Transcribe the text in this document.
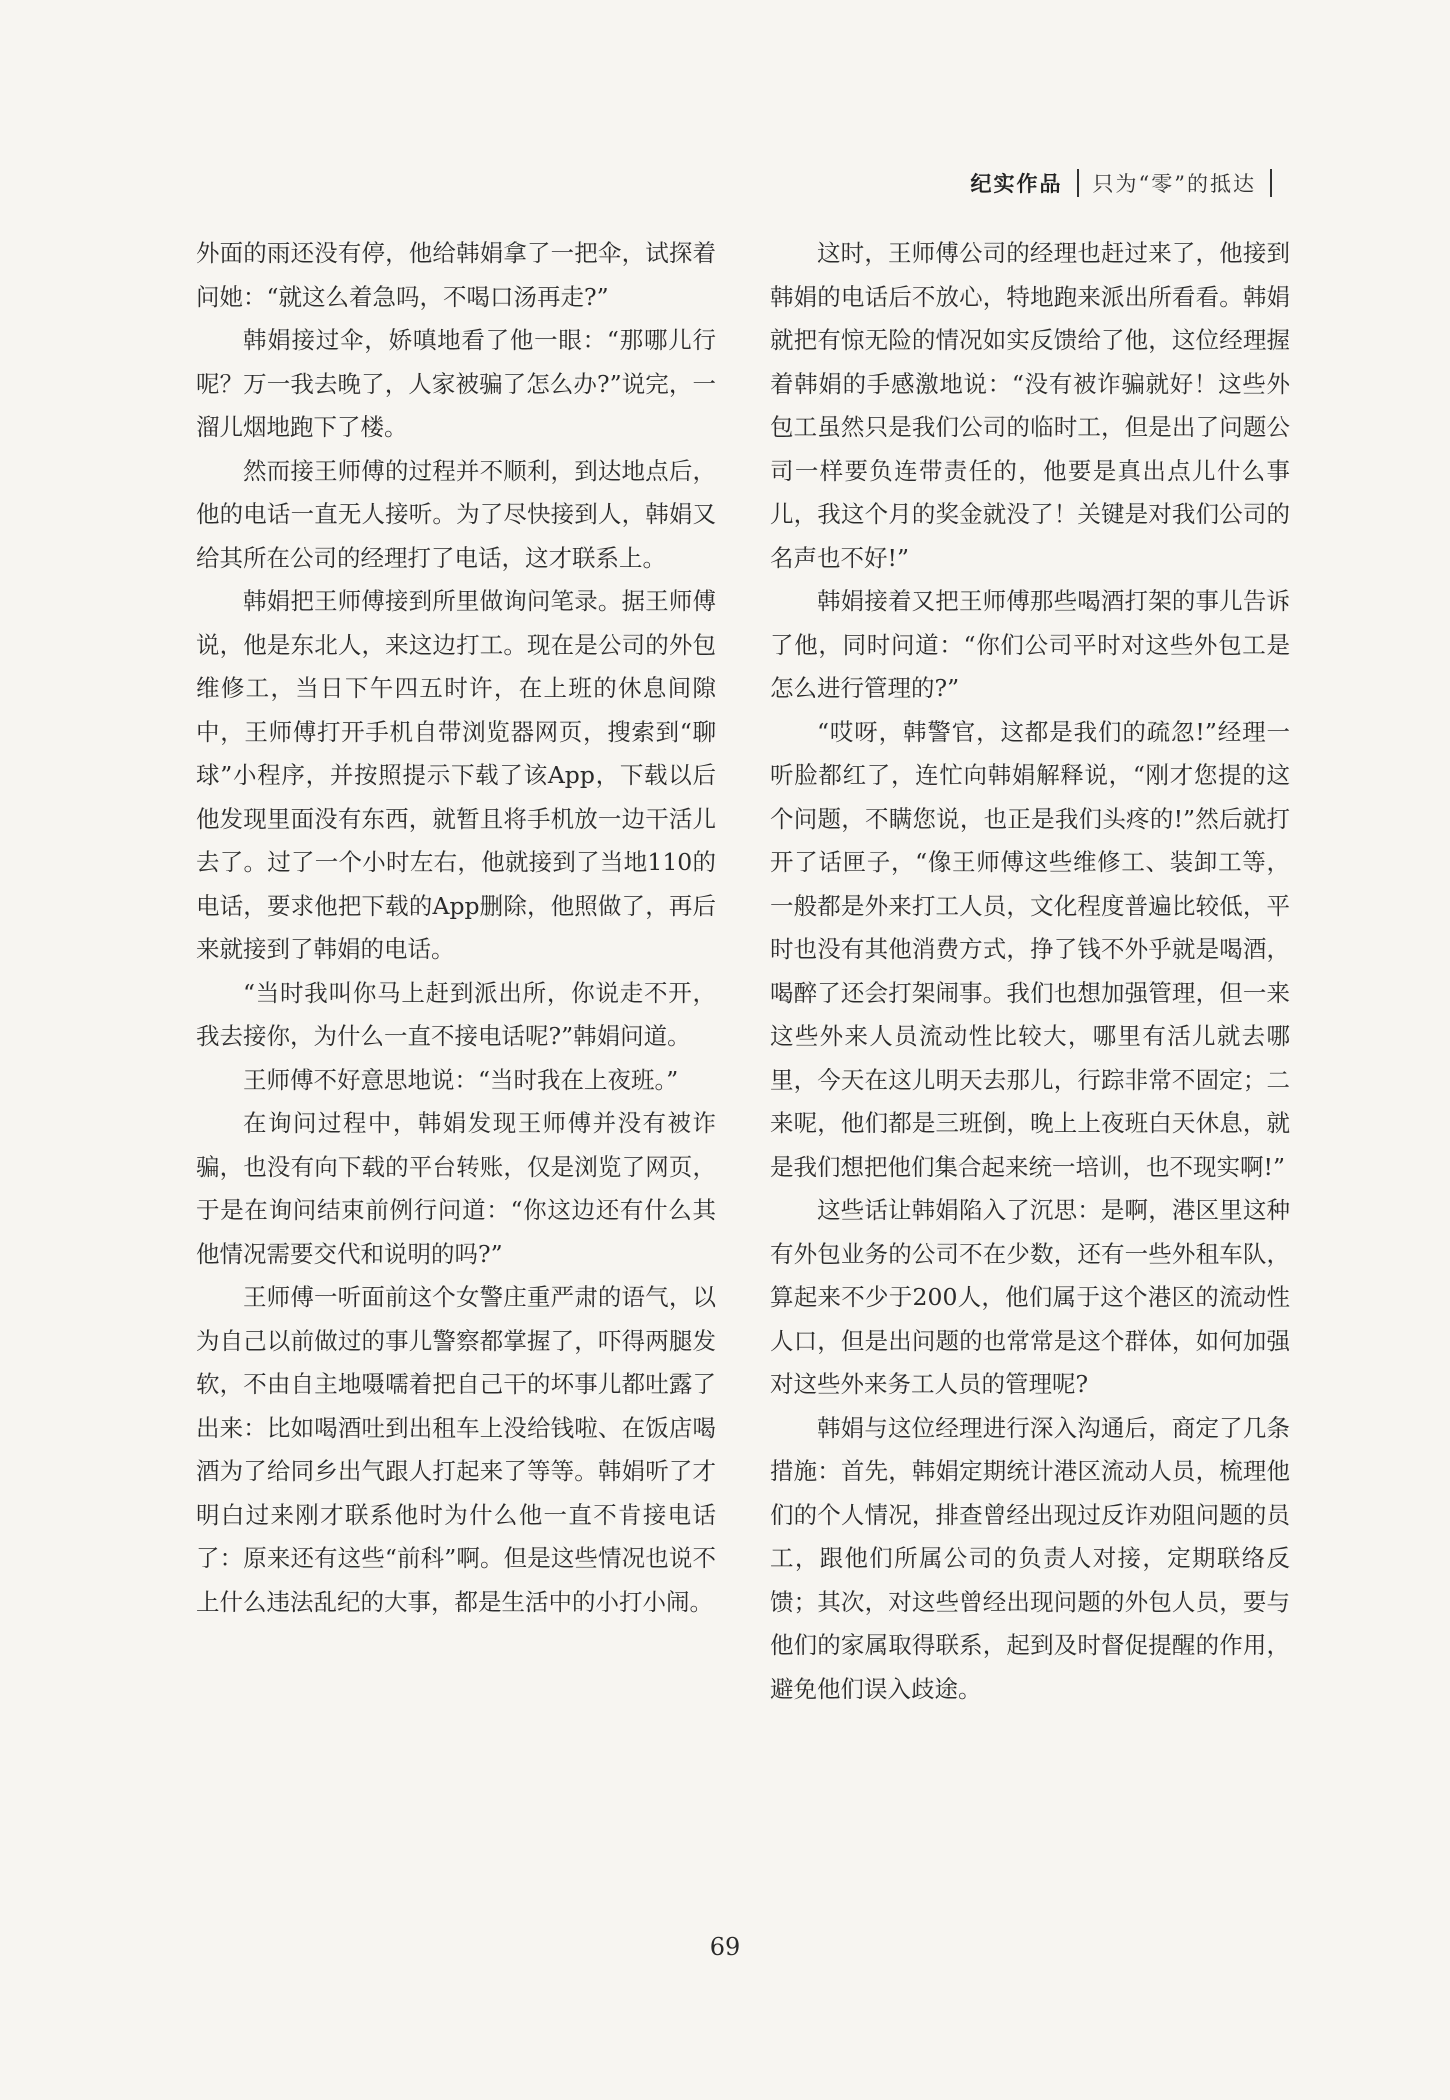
纪实作品 只为“零”的抵达

外面的雨还没有停，他给韩娟拿了一把伞，试探着问她：“就这么着急吗，不喝口汤再走?”

韩娟接过伞，娇嗔地看了他一眼：“那哪儿行呢？万一我去晚了，人家被骗了怎么办?”说完，一溜儿烟地跑下了楼。

然而接王师傅的过程并不顺利，到达地点后，他的电话一直无人接听。为了尽快接到人，韩娟又给其所在公司的经理打了电话，这才联系上。

韩娟把王师傅接到所里做询问笔录。据王师傅说，他是东北人，来这边打工。现在是公司的外包维修工，当日下午四五时许，在上班的休息间隙中，王师傅打开手机自带浏览器网页，搜索到“聊球”小程序，并按照提示下载了该App，下载以后他发现里面没有东西，就暂且将手机放一边干活儿去了。过了一个小时左右，他就接到了当地110的电话，要求他把下载的App删除，他照做了，再后来就接到了韩娟的电话。

“当时我叫你马上赶到派出所，你说走不开，我去接你，为什么一直不接电话呢?”韩娟问道。

王师傅不好意思地说：“当时我在上夜班。”

在询问过程中，韩娟发现王师傅并没有被诈骗，也没有向下载的平台转账，仅是浏览了网页，于是在询问结束前例行问道：“你这边还有什么其他情况需要交代和说明的吗?”

王师傅一听面前这个女警庄重严肃的语气，以为自己以前做过的事儿警察都掌握了，吓得两腿发软，不由自主地嗫嚅着把自己干的坏事儿都吐露了出来：比如喝酒吐到出租车上没给钱啦、在饭店喝酒为了给同乡出气跟人打起来了等等。韩娟听了才明白过来刚才联系他时为什么他一直不肯接电话了：原来还有这些“前科”啊。但是这些情况也说不上什么违法乱纪的大事，都是生活中的小打小闹。

这时，王师傅公司的经理也赶过来了，他接到韩娟的电话后不放心，特地跑来派出所看看。韩娟就把有惊无险的情况如实反馈给了他，这位经理握着韩娟的手感激地说：“没有被诈骗就好！这些外包工虽然只是我们公司的临时工，但是出了问题公司一样要负连带责任的，他要是真出点儿什么事儿，我这个月的奖金就没了！关键是对我们公司的名声也不好!”

韩娟接着又把王师傅那些喝酒打架的事儿告诉了他，同时问道：“你们公司平时对这些外包工是怎么进行管理的?”

“哎呀，韩警官，这都是我们的疏忽!”经理一听脸都红了，连忙向韩娟解释说，“刚才您提的这个问题，不瞒您说，也正是我们头疼的!”然后就打开了话匣子，“像王师傅这些维修工、装卸工等，一般都是外来打工人员，文化程度普遍比较低，平时也没有其他消费方式，挣了钱不外乎就是喝酒，喝醉了还会打架闹事。我们也想加强管理，但一来这些外来人员流动性比较大，哪里有活儿就去哪里，今天在这儿明天去那儿，行踪非常不固定；二来呢，他们都是三班倒，晚上上夜班白天休息，就是我们想把他们集合起来统一培训，也不现实啊!”

这些话让韩娟陷入了沉思：是啊，港区里这种有外包业务的公司不在少数，还有一些外租车队，算起来不少于200人，他们属于这个港区的流动性人口，但是出问题的也常常是这个群体，如何加强对这些外来务工人员的管理呢?

韩娟与这位经理进行深入沟通后，商定了几条措施：首先，韩娟定期统计港区流动人员，梳理他们的个人情况，排查曾经出现过反诈劝阻问题的员工，跟他们所属公司的负责人对接，定期联络反馈；其次，对这些曾经出现问题的外包人员，要与他们的家属取得联系，起到及时督促提醒的作用，避免他们误入歧途。

69
